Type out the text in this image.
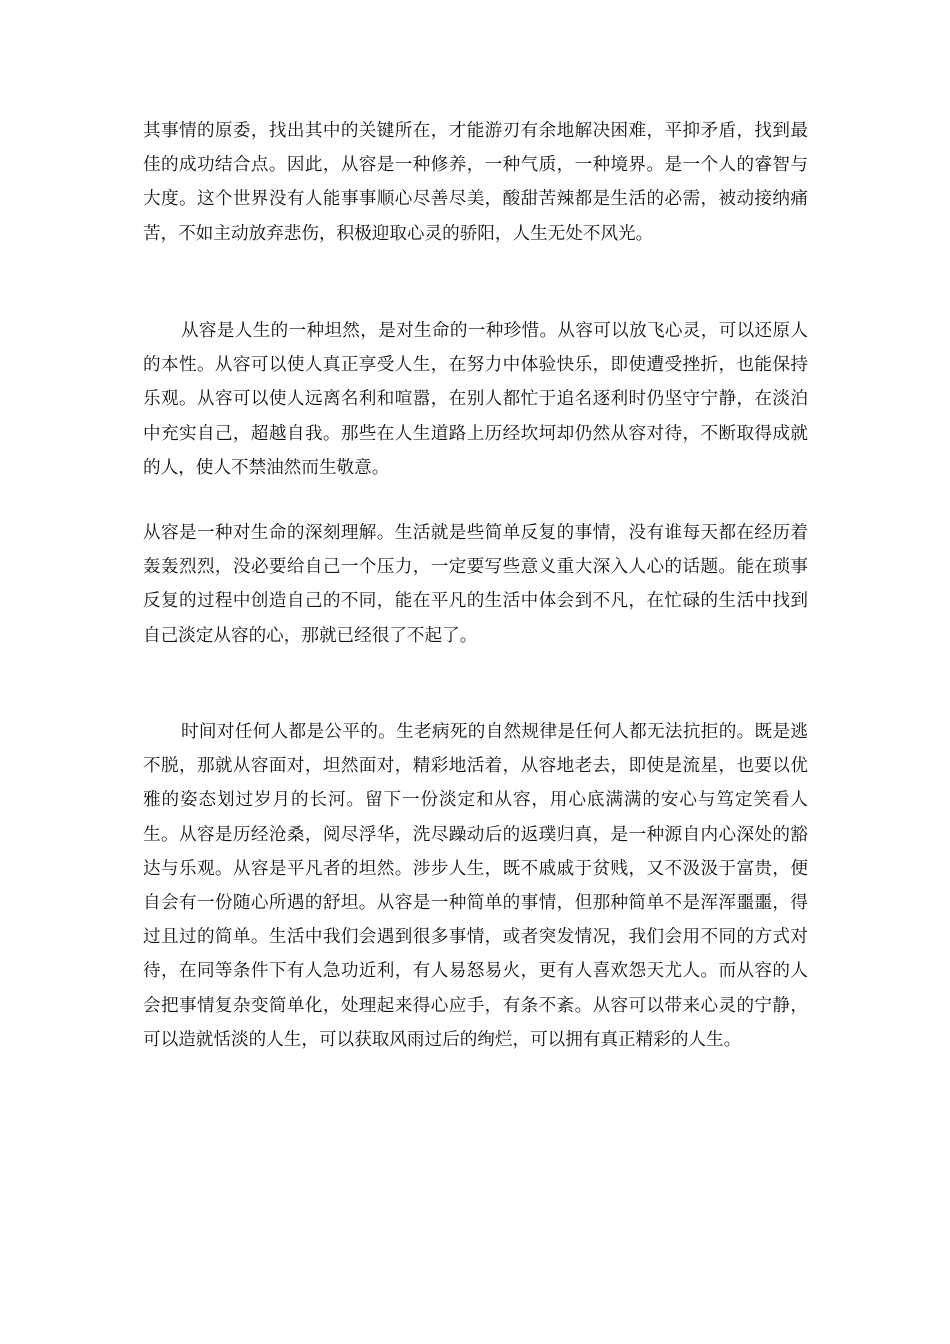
其事情的原委，找出其中的关键所在，才能游刃有余地解决困难，平抑矛盾，找到最佳的成功结合点。因此，从容是一种修养，一种气质，一种境界。是一个人的睿智与大度。这个世界没有人能事事顺心尽善尽美，酸甜苦辣都是生活的必需，被动接纳痛苦，不如主动放弃悲伤，积极迎取心灵的骄阳，人生无处不风光。

从容是人生的一种坦然，是对生命的一种珍惜。从容可以放飞心灵，可以还原人的本性。从容可以使人真正享受人生，在努力中体验快乐，即使遭受挫折，也能保持乐观。从容可以使人远离名利和喧嚣，在别人都忙于追名逐利时仍坚守宁静，在淡泊中充实自己，超越自我。那些在人生道路上历经坎坷却仍然从容对待，不断取得成就的人，使人不禁油然而生敬意。

从容是一种对生命的深刻理解。生活就是些简单反复的事情，没有谁每天都在经历着轰轰烈烈，没必要给自己一个压力，一定要写些意义重大深入人心的话题。能在琐事反复的过程中创造自己的不同，能在平凡的生活中体会到不凡，在忙碌的生活中找到自己淡定从容的心，那就已经很了不起了。

时间对任何人都是公平的。生老病死的自然规律是任何人都无法抗拒的。既是逃不脱，那就从容面对，坦然面对，精彩地活着，从容地老去，即使是流星，也要以优雅的姿态划过岁月的长河。留下一份淡定和从容，用心底满满的安心与笃定笑看人生。从容是历经沧桑，阅尽浮华，洗尽躁动后的返璞归真，是一种源自内心深处的豁达与乐观。从容是平凡者的坦然。涉步人生，既不戚戚于贫贱，又不汲汲于富贵，便自会有一份随心所遇的舒坦。从容是一种简单的事情，但那种简单不是浑浑噩噩，得过且过的简单。生活中我们会遇到很多事情，或者突发情况，我们会用不同的方式对待，在同等条件下有人急功近利，有人易怒易火，更有人喜欢怨天尤人。而从容的人会把事情复杂变简单化，处理起来得心应手，有条不紊。从容可以带来心灵的宁静，可以造就恬淡的人生，可以获取风雨过后的绚烂，可以拥有真正精彩的人生。
